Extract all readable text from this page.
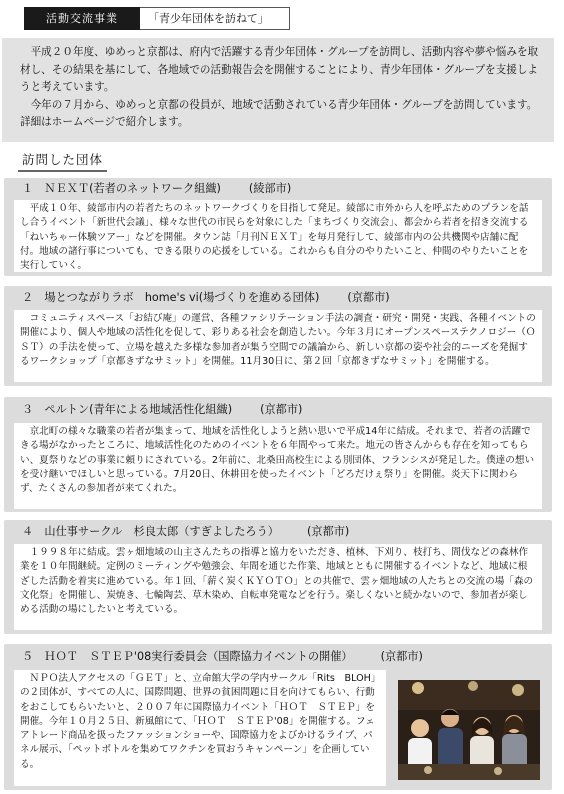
活動交流事業	「青少年団体を訪ねて」

平成２０年度、ゆめっと京都は、府内で活躍する青少年団体・グループを訪問し、活動内容や夢や悩みを取材し、その結果を基にして、各地域での活動報告会を開催することにより、青少年団体・グループを支援しようと考えています。

今年の７月から、ゆめっと京都の役員が、地域で活動されている青少年団体・グループを訪問しています。詳細はホームページで紹介します。

訪問した団体
１　ＮＥＸＴ(若者のネットワーク組織)	(綾部市)
平成１０年、綾部市内の若者たちのネットワークづくりを目指して発足。綾部に市外から人を呼ぶためのプランを話し合うイベント「新世代会議」、様々な世代の市民らを対象にした「まちづくり交流会」、都会から若者を招き交流する「ねいちゃー体験ツアー」などを開催。タウン誌「月刊ＮＥＸＴ」を毎月発行して、綾部市内の公共機関や店舗に配付。地域の諸行事についても、できる限りの応援をしている。これからも自分のやりたいこと、仲間のやりたいことを実行していく。
２　場とつながりラボ　home's vi(場づくりを進める団体)	(京都市)
コミュニティスペース「お結び庵」の運営、各種ファシリテーション手法の調査・研究・開発・実践、各種イベントの開催により、個人や地域の活性化を促して、彩りある社会を創造したい。今年３月にオープンスペーステクノロジー（ＯＳＴ）の手法を使って、立場を越えた多様な参加者が集う空間での議論から、新しい京都の姿や社会的ニーズを発掘するワークショップ「京都きずなサミット」を開催。11月30日に、第２回「京都きずなサミット」を開催する。
３　ペルトン(青年による地域活性化組織)	(京都市)
京北町の様々な職業の若者が集まって、地域を活性化しようと熱い思いで平成14年に結成。それまで、若者の活躍できる場がなかったところに、地域活性化のためのイベントを６年間やって来た。地元の皆さんからも存在を知ってもらい、夏祭りなどの事業に頼りにされている。2年前に、北桑田高校生による別団体、フランシスが発足した。僕達の想いを受け継いでほしいと思っている。7月20日、休耕田を使ったイベント「どろだけぇ祭り」を開催。炎天下に関わらず、たくさんの参加者が来てくれた。
４　山仕事サークル　杉良太郎（すぎよしたろう）	(京都市)
１９９８年に結成。雲ヶ畑地域の山主さんたちの指導と協力をいただき、植林、下刈り、枝打ち、間伐などの森林作業を１０年間継続。定例のミーティングや勉強会、年間を通じた作業、地域とともに開催するイベントなど、地域に根ざした活動を着実に進めている。年１回、「薪く炭くＫＹＯＴＯ」との共催で、雲ヶ畑地域の人たちとの交流の場「森の文化祭」を開催し、炭焼き、七輪陶芸、草木染め、自転車発電などを行う。楽しくないと続かないので、参加者が楽しめる活動の場にしたいと考えている。
５　ＨＯＴ　ＳＴＥＰ'08実行委員会（国際協力イベントの開催）	(京都市)
ＮＰＯ法人アクセスの「ＧＥＴ」と、立命館大学の学内サークル「Rits　BLOH」の２団体が、すべての人に、国際問題、世界の貧困問題に目を向けてもらい、行動をおこしてもらいたいと、２００７年に国際協力イベント「ＨＯＴ　ＳＴＥＰ」を開催。今年１０月２５日、新風館にて、「ＨＯＴ　ＳＴＥＰ'08」を開催する。フェアトレード商品を扱ったファッションショーや、国際協力をよびかけるライブ、パネル展示、「ペットボトルを集めてワクチンを買おうキャンペーン」を企画している。
